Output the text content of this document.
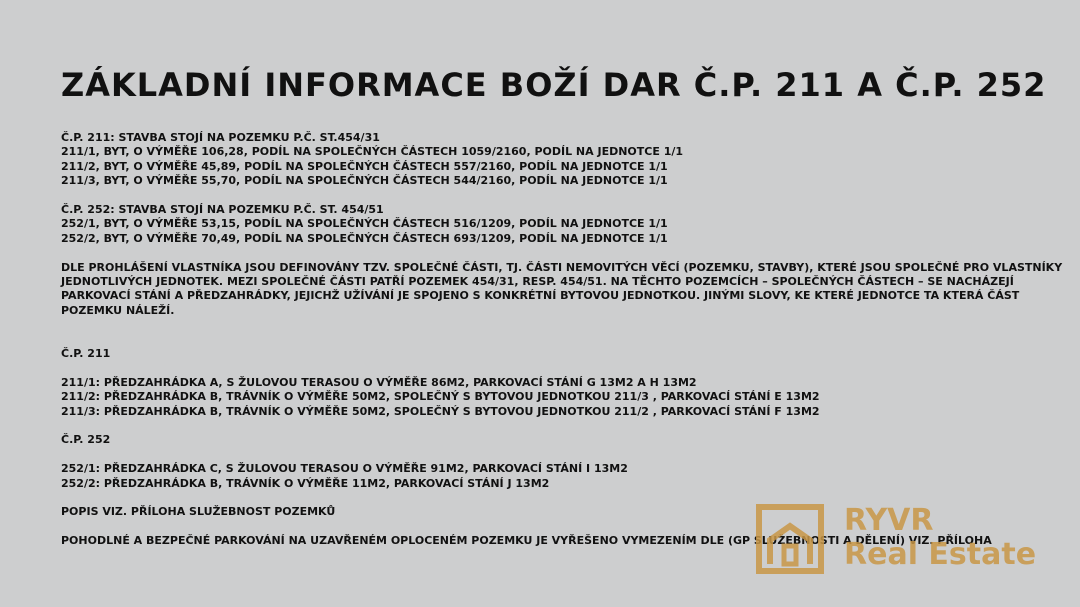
ZÁKLADNÍ INFORMACE BOŽÍ DAR Č.P. 211 A Č.P. 252
Č.P. 211: STAVBA STOJÍ NA POZEMKU P.Č. ST.454/31
211/1, BYT, O VÝMĚŘE 106,28, PODÍL NA SPOLEČNÝCH ČÁSTECH 1059/2160, PODÍL NA JEDNOTCE 1/1
211/2, BYT, O VÝMĚŘE 45,89, PODÍL NA SPOLEČNÝCH ČÁSTECH 557/2160, PODÍL NA JEDNOTCE 1/1
211/3, BYT, O VÝMĚŘE 55,70, PODÍL NA SPOLEČNÝCH ČÁSTECH 544/2160, PODÍL NA JEDNOTCE 1/1
Č.P. 252: STAVBA STOJÍ NA POZEMKU P.Č. ST. 454/51
252/1, BYT, O VÝMĚŘE 53,15, PODÍL NA SPOLEČNÝCH ČÁSTECH 516/1209, PODÍL NA JEDNOTCE 1/1
252/2, BYT, O VÝMĚŘE 70,49, PODÍL NA SPOLEČNÝCH ČÁSTECH 693/1209, PODÍL NA JEDNOTCE 1/1
DLE PROHLÁŠENÍ VLASTNÍKA JSOU DEFINOVÁNY TZV. SPOLEČNÉ ČÁSTI, TJ. ČÁSTI NEMOVITÝCH VĚCÍ (POZEMKU, STAVBY), KTERÉ JSOU SPOLEČNÉ PRO VLASTNÍKY
JEDNOTLIVÝCH JEDNOTEK. MEZI SPOLEČNÉ ČÁSTI PATŘÍ POZEMEK 454/31, RESP. 454/51. NA TĚCHTO POZEMCÍCH – SPOLEČNÝCH ČÁSTECH – SE NACHÁZEJÍ
PARKOVACÍ STÁNÍ A PŘEDZAHRÁDKY, JEJICHŽ UŽÍVÁNÍ JE SPOJENO S KONKRÉTNÍ BYTOVOU JEDNOTKOU. JINÝMI SLOVY, KE KTERÉ JEDNOTCE TA KTERÁ ČÁST
POZEMKU NÁLEŽÍ.
Č.P. 211
211/1: PŘEDZAHRÁDKA A, S ŽULOVOU TERASOU O VÝMĚŘE 86M2, PARKOVACÍ STÁNÍ G 13M2 A H 13M2
211/2: PŘEDZAHRÁDKA B, TRÁVNÍK O VÝMĚŘE 50M2, SPOLEČNÝ S BYTOVOU JEDNOTKOU 211/3 , PARKOVACÍ STÁNÍ E 13M2
211/3: PŘEDZAHRÁDKA B, TRÁVNÍK O VÝMĚŘE 50M2, SPOLEČNÝ S BYTOVOU JEDNOTKOU 211/2 , PARKOVACÍ STÁNÍ F 13M2
Č.P. 252
252/1: PŘEDZAHRÁDKA C, S ŽULOVOU TERASOU O VÝMĚŘE 91M2, PARKOVACÍ STÁNÍ I 13M2
252/2: PŘEDZAHRÁDKA B, TRÁVNÍK O VÝMĚŘE 11M2, PARKOVACÍ STÁNÍ J 13M2
POPIS VIZ. PŘÍLOHA SLUŽEBNOST POZEMKŮ
POHODLNÉ A BEZPEČNÉ PARKOVÁNÍ NA UZAVŘENÉM OPLOCENÉM POZEMKU JE VYŘEŠENO VYMEZENÍM DLE (GP SLUŽEBNOSTI A DĚLENÍ) VIZ. PŘÍLOHA
RYVR
Real Estate
